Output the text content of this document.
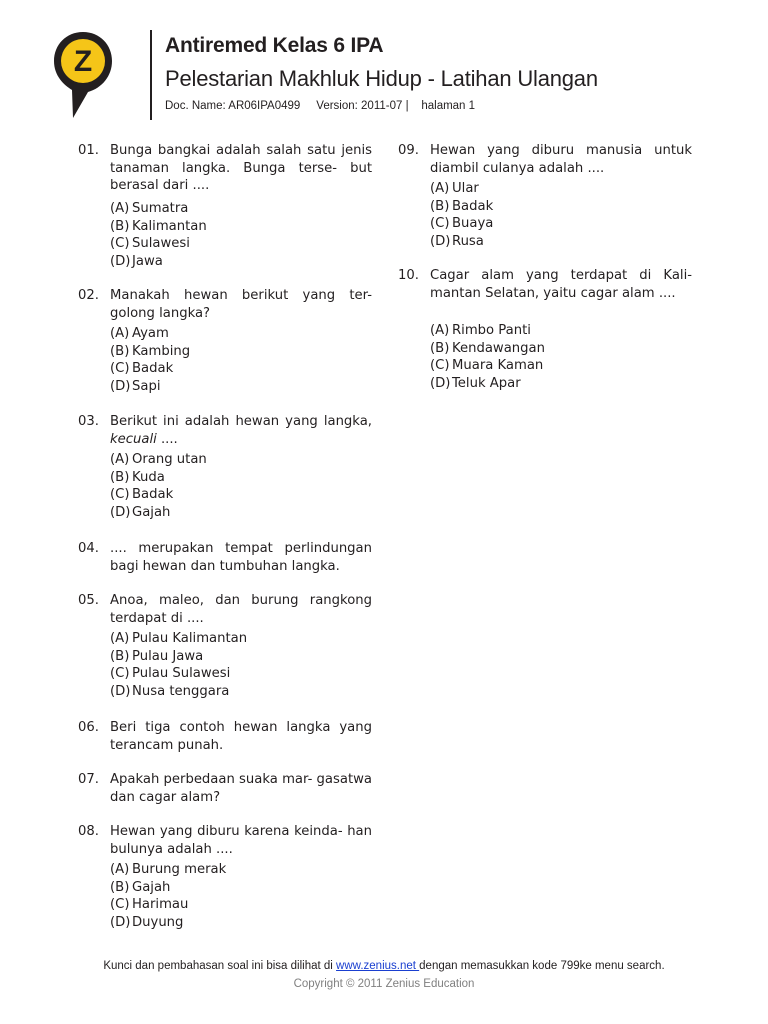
Z	Antiremed Kelas 6 IPA
Pelestarian Makhluk Hidup - Latihan Ulangan
Doc. Name: AR06IPA0499     Version: 2011-07 |    halaman 1
01. Bunga bangkai adalah salah satu jenis tanaman langka. Bunga terse- but berasal dari ....
(A) Sumatra
(B) Kalimantan
(C) Sulawesi
(D) Jawa
02. Manakah hewan berikut yang ter- golong langka?
(A) Ayam
(B) Kambing
(C) Badak
(D) Sapi
03. Berikut ini adalah hewan yang langka, kecuali ....
(A) Orang utan
(B) Kuda
(C) Badak
(D) Gajah
04. .... merupakan tempat perlindungan bagi hewan dan tumbuhan langka.
05. Anoa, maleo, dan burung rangkong terdapat di ....
(A) Pulau Kalimantan
(B) Pulau Jawa
(C) Pulau Sulawesi
(D) Nusa tenggara
06. Beri tiga contoh hewan langka yang terancam punah.
07. Apakah perbedaan suaka mar- gasatwa dan cagar alam?
08. Hewan yang diburu karena keinda- han bulunya adalah ....
(A) Burung merak
(B) Gajah
(C) Harimau
(D) Duyung
09. Hewan yang diburu manusia untuk diambil culanya adalah ....
(A) Ular
(B) Badak
(C) Buaya
(D) Rusa
10. Cagar alam yang terdapat di Kali- mantan Selatan, yaitu cagar alam ....
(A) Rimbo Panti
(B) Kendawangan
(C) Muara Kaman
(D) Teluk Apar
Kunci dan pembahasan soal ini bisa dilihat di www.zenius.net dengan memasukkan kode 799ke menu search.
Copyright © 2011 Zenius Education
